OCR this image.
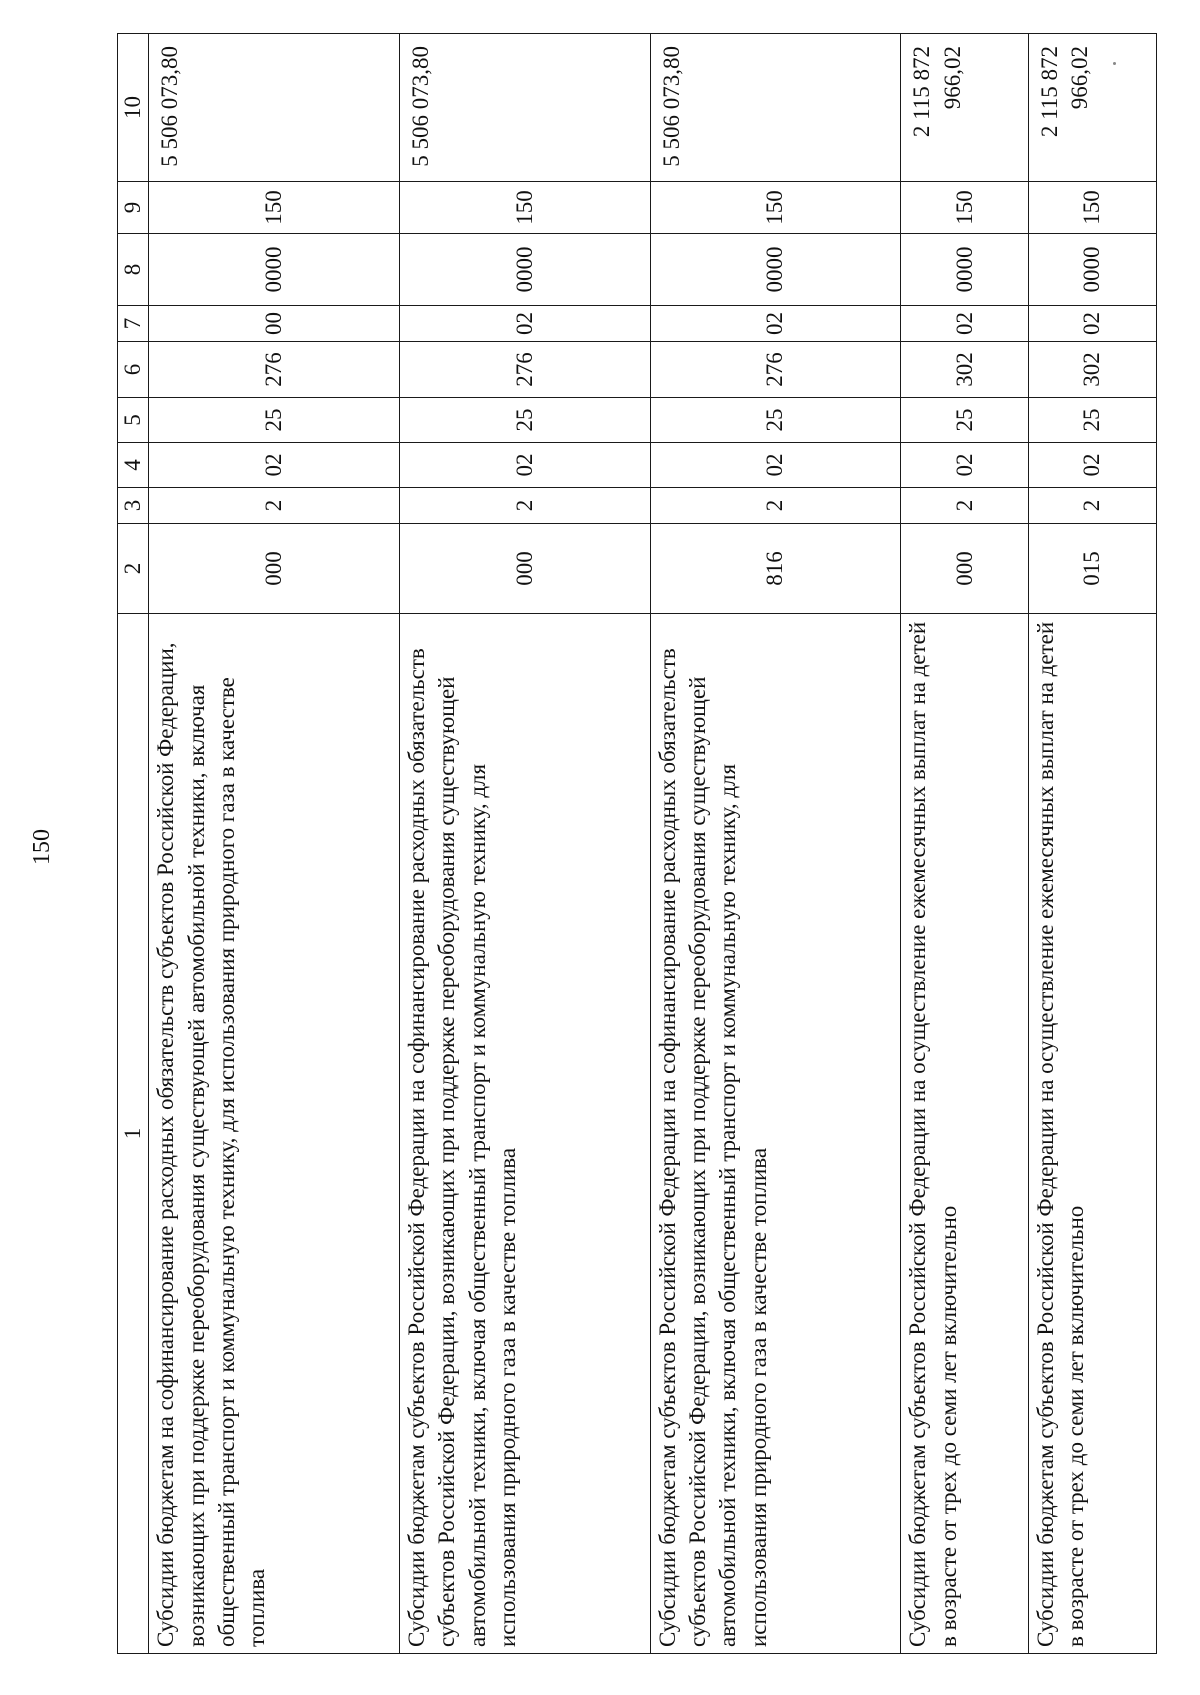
150
1	2	3	4	5	6	7	8	9	10
Субсидии бюджетам на софинансирование расходных обязательств субъектов Российской Федерации, возникающих при поддержке переоборудования существующей автомобильной техники, включая общественный транспорт и коммунальную технику, для использования природного газа в качестве топлива	000	2	02	25	276	00	0000	150	5 506 073,80
Субсидии бюджетам субъектов Российской Федерации на софинансирование расходных обязательств субъектов Российской Федерации, возникающих при поддержке переоборудования существующей автомобильной техники, включая общественный транспорт и коммунальную технику, для использования природного газа в качестве топлива	000	2	02	25	276	02	0000	150	5 506 073,80
Субсидии бюджетам субъектов Российской Федерации на софинансирование расходных обязательств субъектов Российской Федерации, возникающих при поддержке переоборудования существующей автомобильной техники, включая общественный транспорт и коммунальную технику, для использования природного газа в качестве топлива	816	2	02	25	276	02	0000	150	5 506 073,80
Субсидии бюджетам субъектов Российской Федерации на осуществление ежемесячных выплат на детей в возрасте от трех до семи лет включительно	000	2	02	25	302	02	0000	150	2 115 872 966,02
Субсидии бюджетам субъектов Российской Федерации на осуществление ежемесячных выплат на детей в возрасте от трех до семи лет включительно	015	2	02	25	302	02	0000	150	2 115 872 966,02
